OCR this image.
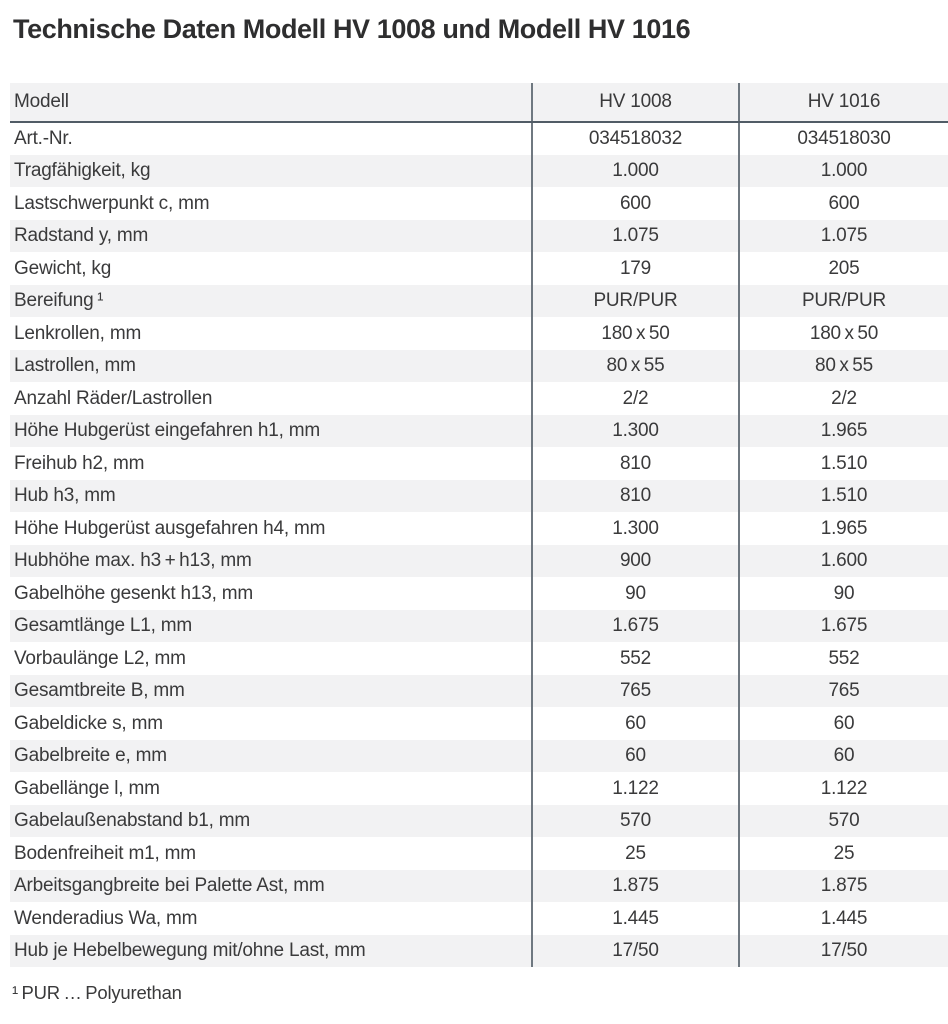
Technische Daten Modell HV 1008 und Modell HV 1016
Modell	HV 1008	HV 1016
Art.-Nr.	034518032	034518030
Tragfähigkeit, kg	1.000	1.000
Lastschwerpunkt c, mm	600	600
Radstand y, mm	1.075	1.075
Gewicht, kg	179	205
Bereifung ¹	PUR/PUR	PUR/PUR
Lenkrollen, mm	180 x 50	180 x 50
Lastrollen, mm	80 x 55	80 x 55
Anzahl Räder/Lastrollen	2/2	2/2
Höhe Hubgerüst eingefahren h1, mm	1.300	1.965
Freihub h2, mm	810	1.510
Hub h3, mm	810	1.510
Höhe Hubgerüst ausgefahren h4, mm	1.300	1.965
Hubhöhe max. h3 + h13, mm	900	1.600
Gabelhöhe gesenkt h13, mm	90	90
Gesamtlänge L1, mm	1.675	1.675
Vorbaulänge L2, mm	552	552
Gesamtbreite B, mm	765	765
Gabeldicke s, mm	60	60
Gabelbreite e, mm	60	60
Gabellänge l, mm	1.122	1.122
Gabelaußenabstand b1, mm	570	570
Bodenfreiheit m1, mm	25	25
Arbeitsgangbreite bei Palette Ast, mm	1.875	1.875
Wenderadius Wa, mm	1.445	1.445
Hub je Hebelbewegung mit/ohne Last, mm	17/50	17/50
¹ PUR … Polyurethan
